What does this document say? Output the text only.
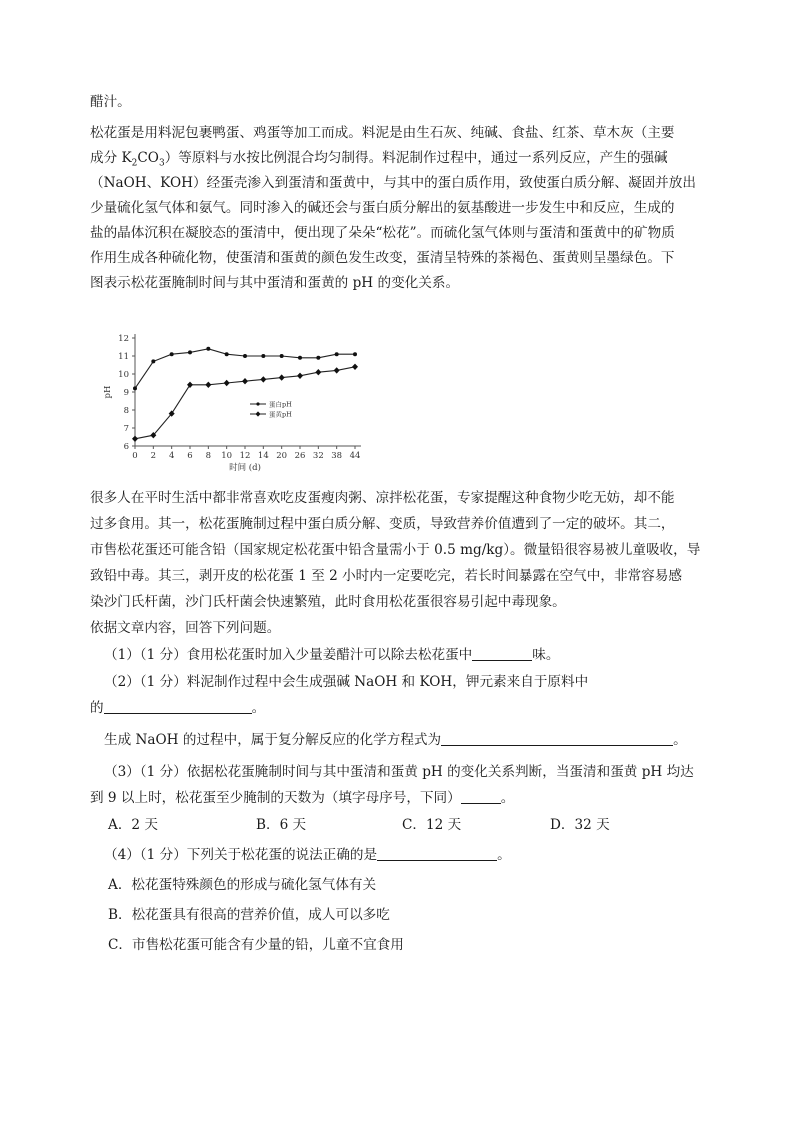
醋汁。
松花蛋是用料泥包裹鸭蛋、鸡蛋等加工而成。料泥是由生石灰、纯碱、食盐、红茶、草木灰（主要
成分 $K_2CO_3$）等原料与水按比例混合均匀制得。料泥制作过程中，通过一系列反应，产生的强碱
（NaOH、KOH）经蛋壳渗入到蛋清和蛋黄中，与其中的蛋白质作用，致使蛋白质分解、凝固并放出
少量硫化氢气体和氨气。同时渗入的碱还会与蛋白质分解出的氨基酸进一步发生中和反应，生成的
盐的晶体沉积在凝胶态的蛋清中，便出现了朵朵“松花”。而硫化氢气体则与蛋清和蛋黄中的矿物质
作用生成各种硫化物，使蛋清和蛋黄的颜色发生改变，蛋清呈特殊的茶褐色、蛋黄则呈墨绿色。下
图表示松花蛋腌制时间与其中蛋清和蛋黄的 pH 的变化关系。
6
7
8
9
10
11
12
0 2 4 6 8 10 12 14 20 26 32 38 44
时间 (d)
pH
蛋白pH
蛋黄pH
很多人在平时生活中都非常喜欢吃皮蛋瘦肉粥、凉拌松花蛋，专家提醒这种食物少吃无妨，却不能
过多食用。其一，松花蛋腌制过程中蛋白质分解、变质，导致营养价值遭到了一定的破坏。其二，
市售松花蛋还可能含铅（国家规定松花蛋中铅含量需小于 0.5 mg/kg）。微量铅很容易被儿童吸收，导
致铅中毒。其三，剥开皮的松花蛋 1 至 2 小时内一定要吃完，若长时间暴露在空气中，非常容易感
染沙门氏杆菌，沙门氏杆菌会快速繁殖，此时食用松花蛋很容易引起中毒现象。
依据文章内容，回答下列问题。
（1）（1 分）食用松花蛋时加入少量姜醋汁可以除去松花蛋中	味。
（2）（1 分）料泥制作过程中会生成强碱 NaOH 和 KOH，钾元素来自于原料中
的	。
生成 NaOH 的过程中，属于复分解反应的化学方程式为	。
（3）（1 分）依据松花蛋腌制时间与其中蛋清和蛋黄 pH 的变化关系判断，当蛋清和蛋黄 pH 均达
到 9 以上时，松花蛋至少腌制的天数为（填字母序号，下同）	。
A．2 天	B．6 天	C．12 天	D．32 天
（4）（1 分）下列关于松花蛋的说法正确的是	。
A．松花蛋特殊颜色的形成与硫化氢气体有关
B．松花蛋具有很高的营养价值，成人可以多吃
C．市售松花蛋可能含有少量的铅，儿童不宜食用
